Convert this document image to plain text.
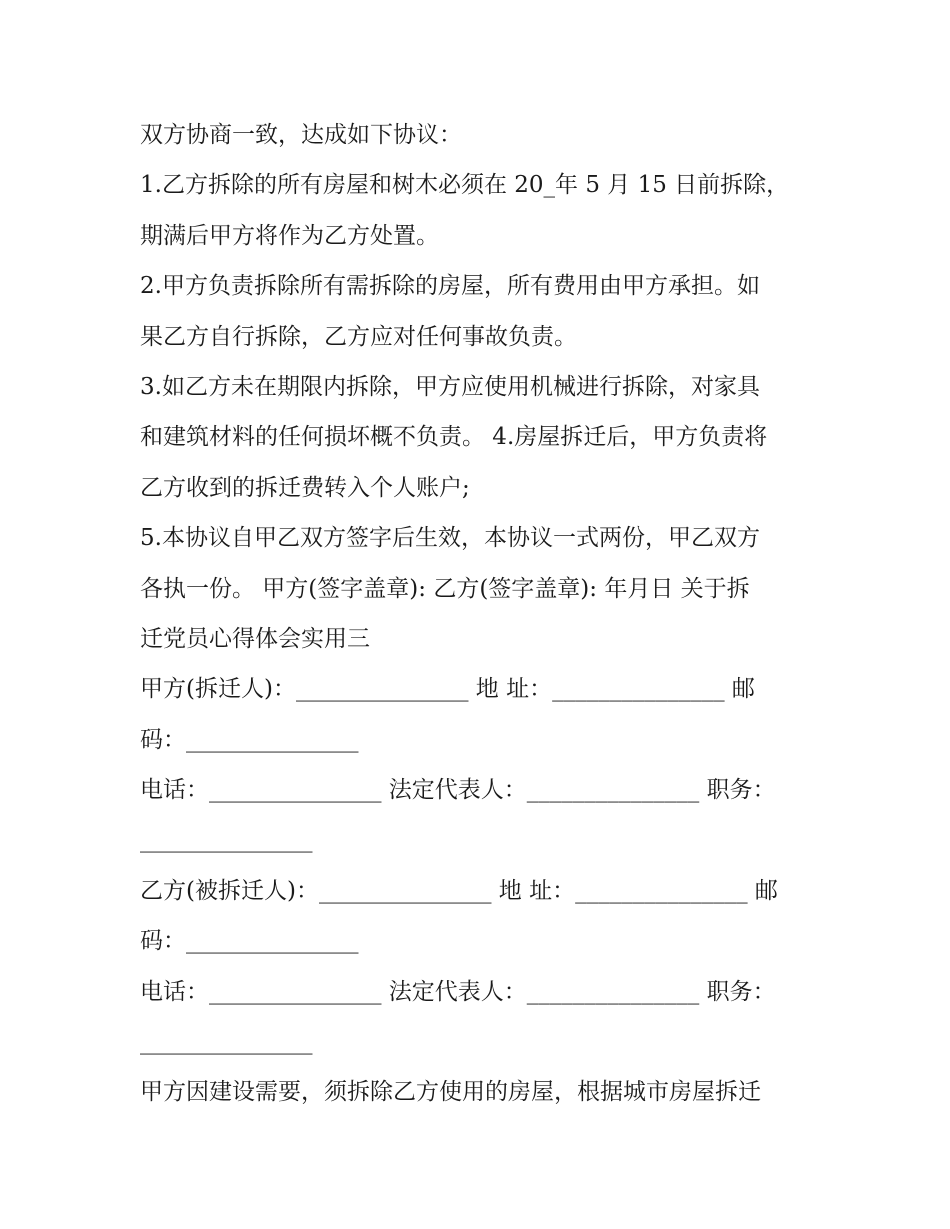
双方协商一致，达成如下协议：
1.乙方拆除的所有房屋和树木必须在 20_年 5 月 15 日前拆除，
期满后甲方将作为乙方处置。
2.甲方负责拆除所有需拆除的房屋，所有费用由甲方承担。如
果乙方自行拆除，乙方应对任何事故负责。
3.如乙方未在期限内拆除，甲方应使用机械进行拆除，对家具
和建筑材料的任何损坏概不负责。 4.房屋拆迁后，甲方负责将
乙方收到的拆迁费转入个人账户;
5.本协议自甲乙双方签字后生效，本协议一式两份，甲乙双方
各执一份。 甲方(签字盖章): 乙方(签字盖章): 年月日 关于拆
迁党员心得体会实用三
甲方(拆迁人)：_______________ 地 址：_______________ 邮
码：_______________
电话：_______________ 法定代表人：_______________ 职务：
_______________
乙方(被拆迁人)：_______________ 地 址：_______________ 邮
码：_______________
电话：_______________ 法定代表人：_______________ 职务：
_______________
甲方因建设需要，须拆除乙方使用的房屋，根据城市房屋拆迁
